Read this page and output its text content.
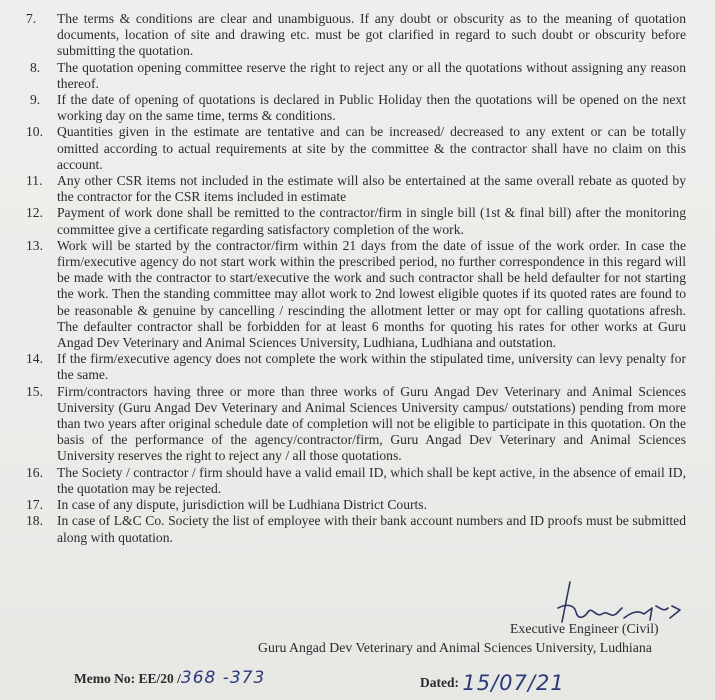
7.	The terms & conditions are clear and unambiguous. If any doubt or obscurity as to the meaning of quotation documents, location of site and drawing etc. must be got clarified in regard to such doubt or obscurity before submitting the quotation.
8.	The quotation opening committee reserve the right to reject any or all the quotations without assigning any reason thereof.
9.	If the date of opening of quotations is declared in Public Holiday then the quotations will be opened on the next working day on the same time, terms & conditions.
10.	Quantities given in the estimate are tentative and can be increased/ decreased to any extent or can be totally omitted according to actual requirements at site by the committee & the contractor shall have no claim on this account.
11.	Any other CSR items not included in the estimate will also be entertained at the same overall rebate as quoted by the contractor for the CSR items included in estimate
12.	Payment of work done shall be remitted to the contractor/firm in single bill (1st & final bill) after the monitoring committee give a certificate regarding satisfactory completion of the work.
13.	Work will be started by the contractor/firm within 21 days from the date of issue of the work order. In case the firm/executive agency do not start work within the prescribed period, no further correspondence in this regard will be made with the contractor to start/executive the work and such contractor shall be held defaulter for not starting the work. Then the standing committee may allot work to 2nd lowest eligible quotes if its quoted rates are found to be reasonable & genuine by cancelling / rescinding the allotment letter or may opt for calling quotations afresh. The defaulter contractor shall be forbidden for at least 6 months for quoting his rates for other works at Guru Angad Dev Veterinary and Animal Sciences University, Ludhiana, Ludhiana and outstation.
14.	If the firm/executive agency does not complete the work within the stipulated time, university can levy penalty for the same.
15.	Firm/contractors having three or more than three works of Guru Angad Dev Veterinary and Animal Sciences University (Guru Angad Dev Veterinary and Animal Sciences University campus/ outstations) pending from more than two years after original schedule date of completion will not be eligible to participate in this quotation. On the basis of the performance of the agency/contractor/firm, Guru Angad Dev Veterinary and Animal Sciences University reserves the right to reject any / all those quotations.
16.	The Society / contractor / firm should have a valid email ID, which shall be kept active, in the absence of email ID, the quotation may be rejected.
17.	In case of any dispute, jurisdiction will be Ludhiana District Courts.
18.	In case of L&C Co. Society the list of employee with their bank account numbers and ID proofs must be submitted along with quotation.
Executive Engineer (Civil)
Guru Angad Dev Veterinary and Animal Sciences University, Ludhiana
Memo No: EE/20 /368 -373	Dated: 15/07/21
